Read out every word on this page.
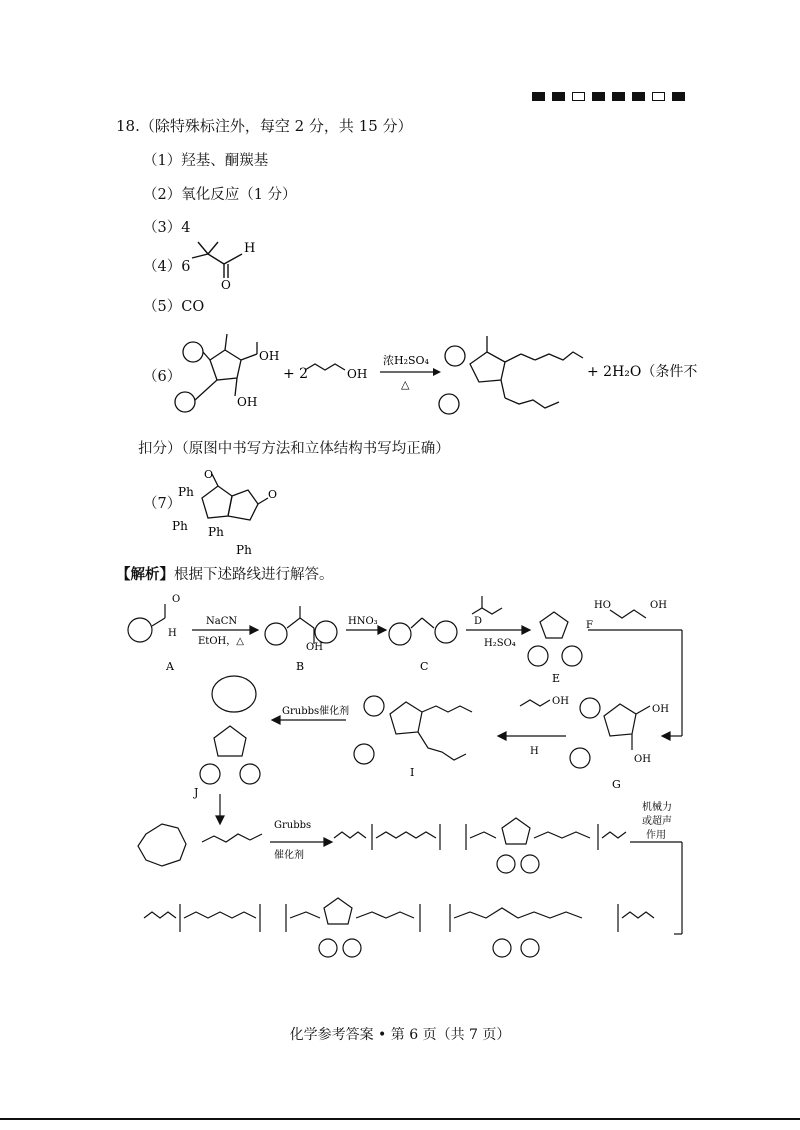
18.（除特殊标注外，每空 2 分，共 15 分）
（1）羟基、酮羰基
（2）氧化反应（1 分）
（3）4
（4）6
H
O
（5）CO
（6）
OH
OH
+ 2	OH
浓H₂SO₄
△
+ 2H₂O（条件不
扣分）（原图中书写方法和立体结构书写均正确）
（7）
Ph
Ph Ph
Ph
O
O
【解析】根据下述路线进行解答。
O
H
NaCN
EtOH，△
OH
HNO₃	D
H₂SO₄
F
HO	OH
A	B	C
E
OH
H
OH
OH
G
I
Grubbs催化剂
J
Grubbs
催化剂
机械力
或超声
作用
化学参考答案 • 第 6 页（共 7 页）
